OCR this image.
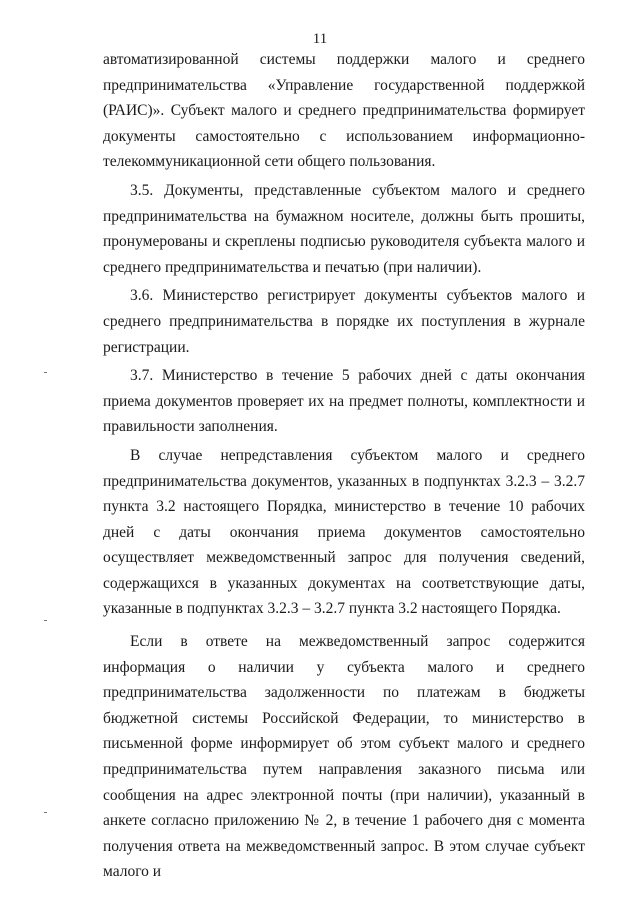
11

автоматизированной системы поддержки малого и среднего предпринимательства «Управление государственной поддержкой (РАИС)». Субъект малого и среднего предпринимательства формирует документы самостоятельно с использованием информационно-телекоммуникационной сети общего пользования.

3.5. Документы, представленные субъектом малого и среднего предпринимательства на бумажном носителе, должны быть прошиты, пронумерованы и скреплены подписью руководителя субъекта малого и среднего предпринимательства и печатью (при наличии).

3.6. Министерство регистрирует документы субъектов малого и среднего предпринимательства в порядке их поступления в журнале регистрации.

3.7. Министерство в течение 5 рабочих дней с даты окончания приема документов проверяет их на предмет полноты, комплектности и правильности заполнения.

В случае непредставления субъектом малого и среднего предпринимательства документов, указанных в подпунктах 3.2.3 – 3.2.7 пункта 3.2 настоящего Порядка, министерство в течение 10 рабочих дней с даты окончания приема документов самостоятельно осуществляет межведомственный запрос для получения сведений, содержащихся в указанных документах на соответствующие даты, указанные в подпунктах 3.2.3 – 3.2.7 пункта 3.2 настоящего Порядка.

Если в ответе на межведомственный запрос содержится информация о наличии у субъекта малого и среднего предпринимательства задолженности по платежам в бюджеты бюджетной системы Российской Федерации, то министерство в письменной форме информирует об этом субъект малого и среднего предпринимательства путем направления заказного письма или сообщения на адрес электронной почты (при наличии), указанный в анкете согласно приложению № 2, в течение 1 рабочего дня с момента получения ответа на межведомственный запрос. В этом случае субъект малого и
